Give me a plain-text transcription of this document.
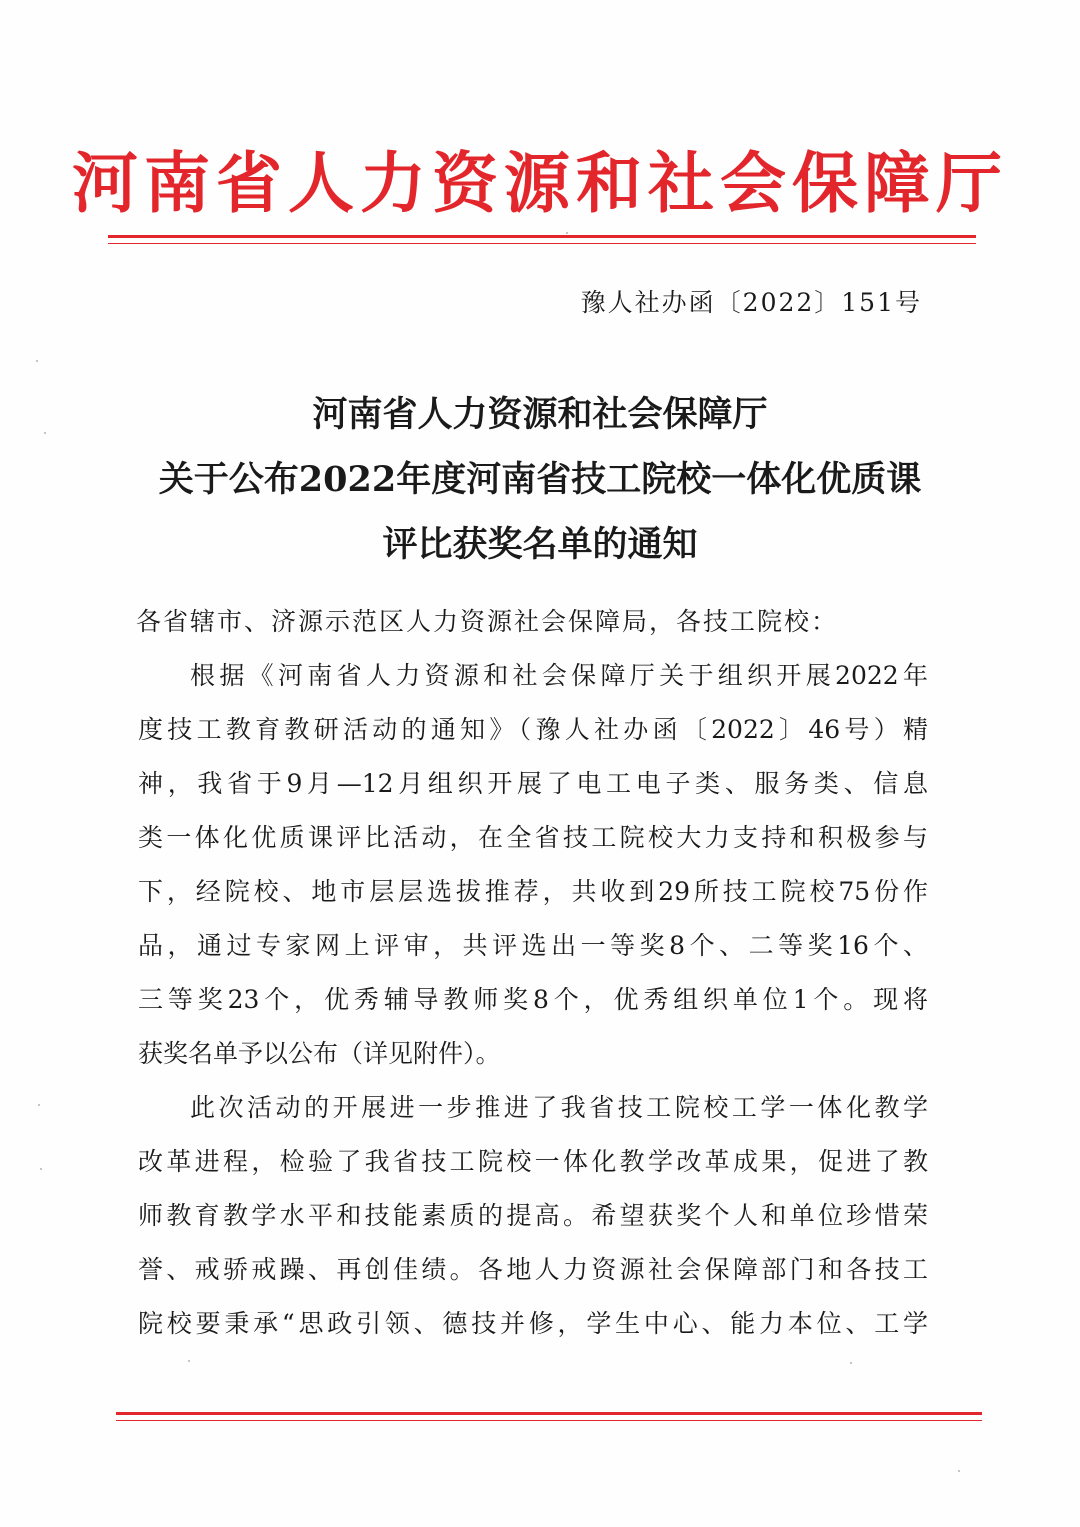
河南省人力资源和社会保障厅
豫人社办函〔2022〕151号
河南省人力资源和社会保障厅
关于公布2022年度河南省技工院校一体化优质课
评比获奖名单的通知
各省辖市、济源示范区人力资源社会保障局，各技工院校：
根据《河南省人力资源和社会保障厅关于组织开展2022年
度技工教育教研活动的通知》（豫人社办函〔2022〕46号）精
神，我省于9月—12月组织开展了电工电子类、服务类、信息
类一体化优质课评比活动，在全省技工院校大力支持和积极参与
下，经院校、地市层层选拔推荐，共收到29所技工院校75份作
品，通过专家网上评审，共评选出一等奖8个、二等奖16个、
三等奖23个，优秀辅导教师奖8个，优秀组织单位1个。现将
获奖名单予以公布（详见附件）。
此次活动的开展进一步推进了我省技工院校工学一体化教学
改革进程，检验了我省技工院校一体化教学改革成果，促进了教
师教育教学水平和技能素质的提高。希望获奖个人和单位珍惜荣
誉、戒骄戒躁、再创佳绩。各地人力资源社会保障部门和各技工
院校要秉承“思政引领、德技并修，学生中心、能力本位、工学
